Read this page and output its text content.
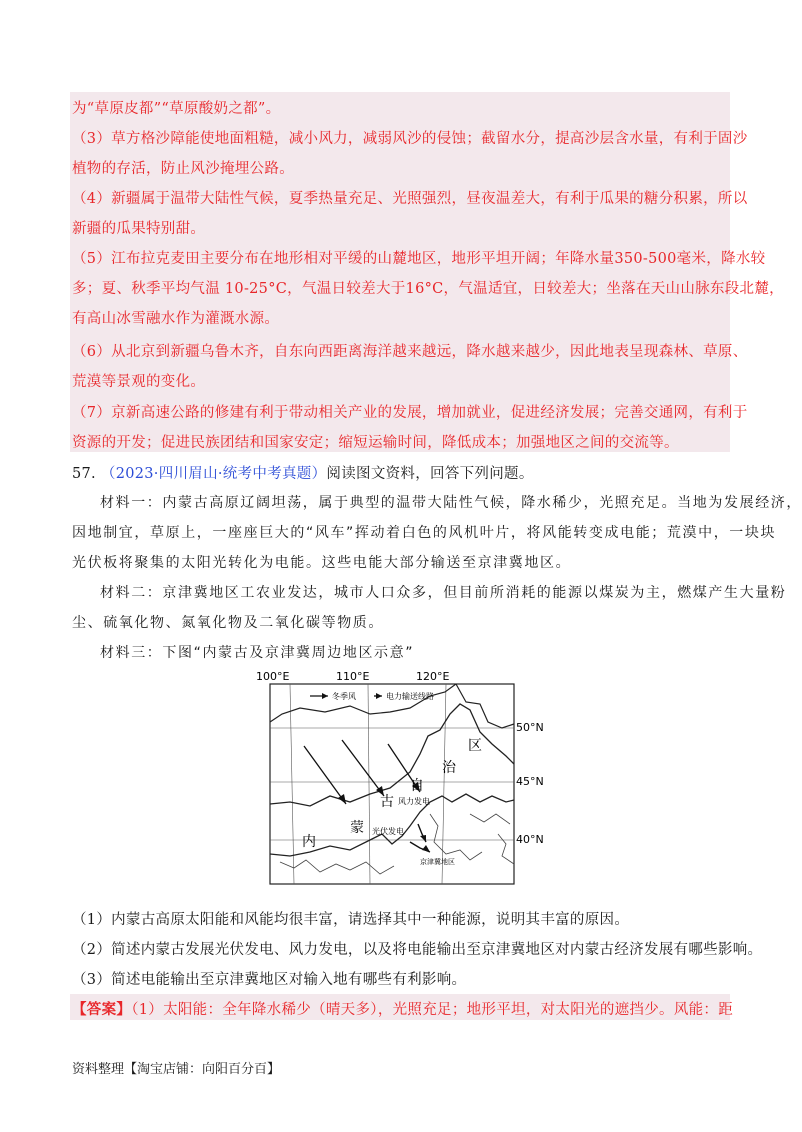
为“草原皮都”“草原酸奶之都”。
（3）草方格沙障能使地面粗糙，减小风力，减弱风沙的侵蚀；截留水分，提高沙层含水量，有利于固沙
植物的存活，防止风沙掩埋公路。
（4）新疆属于温带大陆性气候，夏季热量充足、光照强烈，昼夜温差大，有利于瓜果的糖分积累，所以
新疆的瓜果特别甜。
（5）江布拉克麦田主要分布在地形相对平缓的山麓地区，地形平坦开阔；年降水量350-500毫米，降水较
多；夏、秋季平均气温 10-25°C，气温日较差大于16°C，气温适宜，日较差大；坐落在天山山脉东段北麓，
有高山冰雪融水作为灌溉水源。
（6）从北京到新疆乌鲁木齐，自东向西距离海洋越来越远，降水越来越少，因此地表呈现森林、草原、
荒漠等景观的变化。
（7）京新高速公路的修建有利于带动相关产业的发展，增加就业，促进经济发展；完善交通网，有利于
资源的开发；促进民族团结和国家安定；缩短运输时间，降低成本；加强地区之间的交流等。
57. （2023·四川眉山·统考中考真题）阅读图文资料，回答下列问题。
材料一：内蒙古高原辽阔坦荡，属于典型的温带大陆性气候，降水稀少，光照充足。当地为发展经济，
因地制宜，草原上，一座座巨大的“风车”挥动着白色的风机叶片，将风能转变成电能；荒漠中，一块块
光伏板将聚集的太阳光转化为电能。这些电能大部分输送至京津冀地区。
材料二：京津冀地区工农业发达，城市人口众多，但目前所消耗的能源以煤炭为主，燃煤产生大量粉
尘、硫氧化物、氮氧化物及二氧化碳等物质。
材料三：下图“内蒙古及京津冀周边地区示意”
冬季风	电力输送线路
内
蒙
古
自
治
区
风力发电
光伏发电
京津冀地区
100°E	110°E	120°E
50°N
45°N
40°N
（1）内蒙古高原太阳能和风能均很丰富，请选择其中一种能源，说明其丰富的原因。
（2）简述内蒙古发展光伏发电、风力发电，以及将电能输出至京津冀地区对内蒙古经济发展有哪些影响。
（3）简述电能输出至京津冀地区对输入地有哪些有利影响。
【答案】（1）太阳能：全年降水稀少（晴天多），光照充足；地形平坦，对太阳光的遮挡少。风能：距
资料整理【淘宝店铺：向阳百分百】
